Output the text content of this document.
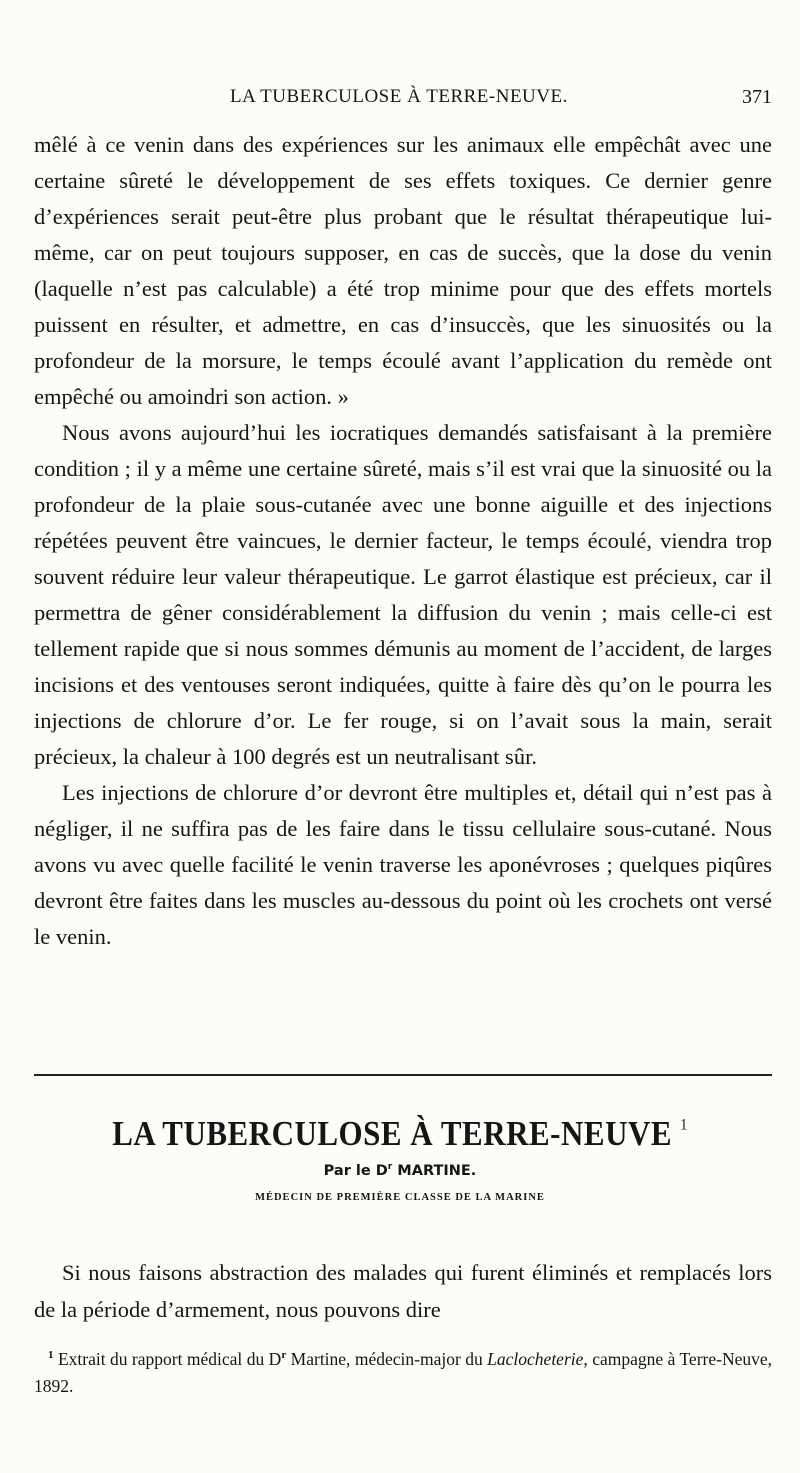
LA TUBERCULOSE À TERRE-NEUVE.	371

mêlé à ce venin dans des expériences sur les animaux elle empêchât avec une certaine sûreté le développement de ses effets toxiques. Ce dernier genre d’expériences serait peut-être plus probant que le résultat thérapeutique lui-même, car on peut toujours supposer, en cas de succès, que la dose du venin (laquelle n’est pas calculable) a été trop minime pour que des effets mortels puissent en résulter, et admettre, en cas d’insuccès, que les sinuosités ou la profondeur de la morsure, le temps écoulé avant l’application du remède ont empêché ou amoindri son action. »

Nous avons aujourd’hui les iocratiques demandés satisfaisant à la première condition ; il y a même une certaine sûreté, mais s’il est vrai que la sinuosité ou la profondeur de la plaie sous-cutanée avec une bonne aiguille et des injections répétées peuvent être vaincues, le dernier facteur, le temps écoulé, viendra trop souvent réduire leur valeur thérapeutique. Le garrot élastique est précieux, car il permettra de gêner considérablement la diffusion du venin ; mais celle-ci est tellement rapide que si nous sommes démunis au moment de l’accident, de larges incisions et des ventouses seront indiquées, quitte à faire dès qu’on le pourra les injections de chlorure d’or. Le fer rouge, si on l’avait sous la main, serait précieux, la chaleur à 100 degrés est un neutralisant sûr.

Les injections de chlorure d’or devront être multiples et, détail qui n’est pas à négliger, il ne suffira pas de les faire dans le tissu cellulaire sous-cutané. Nous avons vu avec quelle facilité le venin traverse les aponévroses ; quelques piqûres devront être faites dans les muscles au-dessous du point où les crochets ont versé le venin.

LA TUBERCULOSE À TERRE-NEUVE $^1$
Par le $D^r$ MARTINE.
MÉDECIN DE PREMIÈRE CLASSE DE LA MARINE

Si nous faisons abstraction des malades qui furent éliminés et remplacés lors de la période d’armement, nous pouvons dire

$^1$ Extrait du rapport médical du $D^r$ Martine, médecin-major du Laclocheterie, campagne à Terre-Neuve, 1892.
